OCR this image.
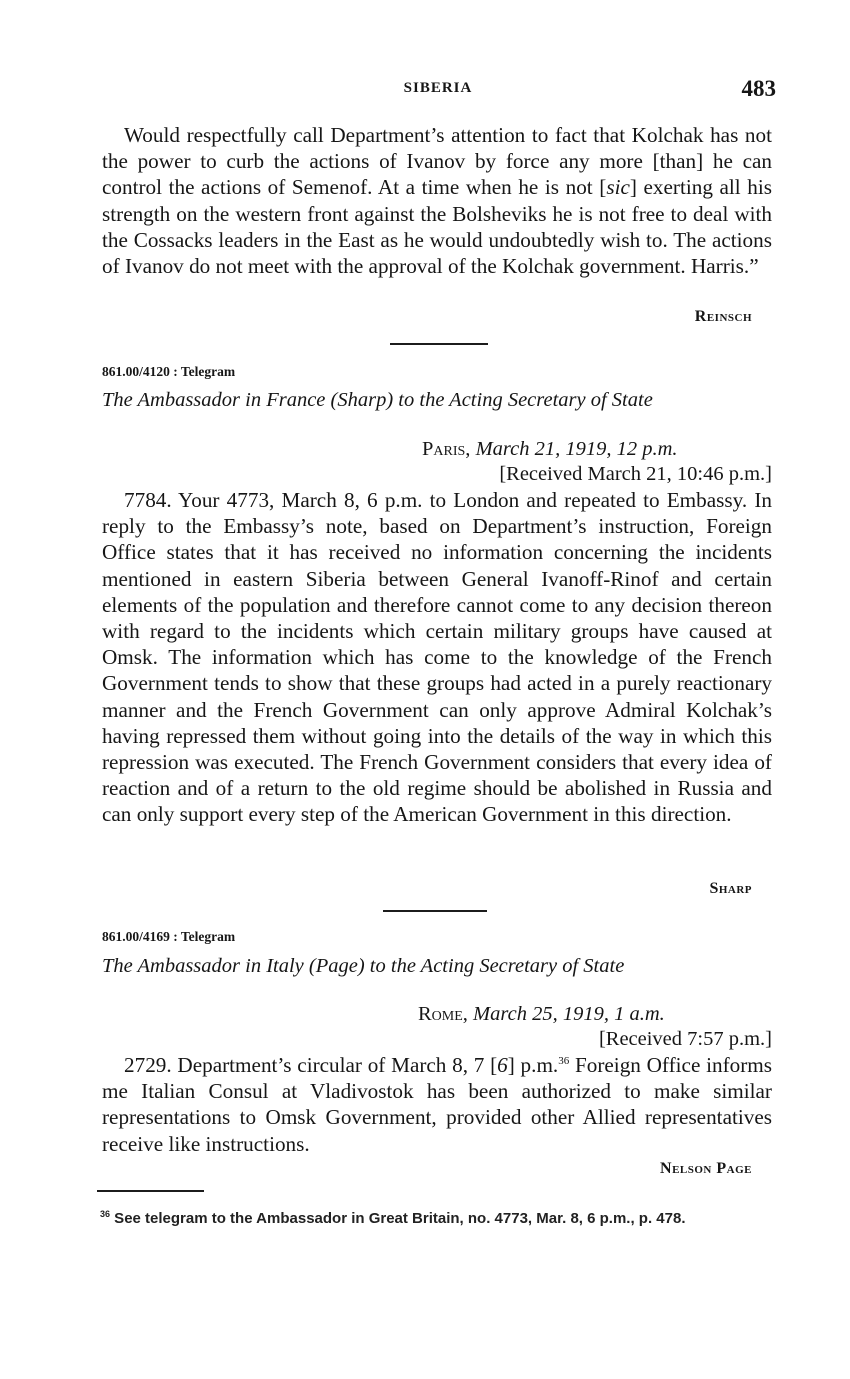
SIBERIA	483

Would respectfully call Department’s attention to fact that Kolchak has not the power to curb the actions of Ivanov by force any more [than] he can control the actions of Semenof. At a time when he is not [sic] exerting all his strength on the western front against the Bolsheviks he is not free to deal with the Cossacks leaders in the East as he would undoubtedly wish to. The actions of Ivanov do not meet with the approval of the Kolchak government. Harris.”

Reinsch
861.00/4120 : Telegram
The Ambassador in France (Sharp) to the Acting Secretary of State
Paris, March 21, 1919, 12 p.m.
[Received March 21, 10:46 p.m.]

7784. Your 4773, March 8, 6 p.m. to London and repeated to Embassy. In reply to the Embassy’s note, based on Department’s instruction, Foreign Office states that it has received no information concerning the incidents mentioned in eastern Siberia between General Ivanoff-Rinof and certain elements of the population and therefore cannot come to any decision thereon with regard to the incidents which certain military groups have caused at Omsk. The information which has come to the knowledge of the French Government tends to show that these groups had acted in a purely reactionary manner and the French Government can only approve Admiral Kolchak’s having repressed them without going into the details of the way in which this repression was executed. The French Government considers that every idea of reaction and of a return to the old regime should be abolished in Russia and can only support every step of the American Government in this direction.

Sharp
861.00/4169 : Telegram
The Ambassador in Italy (Page) to the Acting Secretary of State
Rome, March 25, 1919, 1 a.m.
[Received 7:57 p.m.]

2729. Department’s circular of March 8, 7 [6] p.m.$^{36}$ Foreign Office informs me Italian Consul at Vladivostok has been authorized to make similar representations to Omsk Government, provided other Allied representatives receive like instructions.

Nelson Page
$^{36}$ See telegram to the Ambassador in Great Britain, no. 4773, Mar. 8, 6 p.m., p. 478.
